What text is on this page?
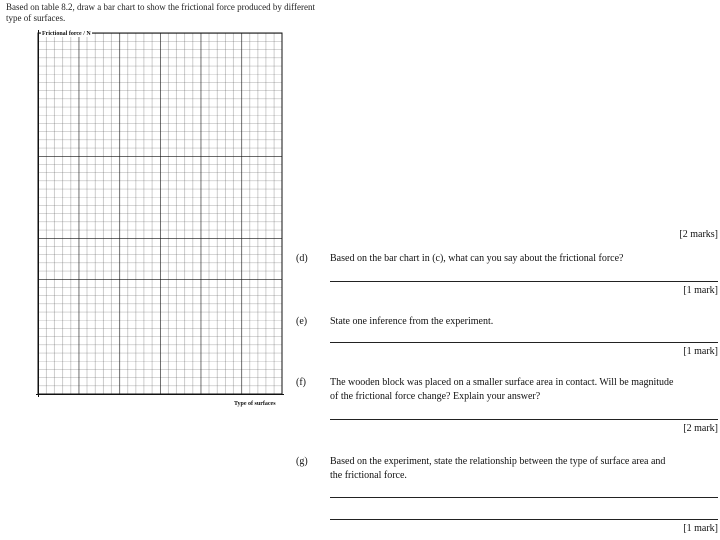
Based on table 8.2, draw a bar chart to show the frictional force produced by different
type of surfaces.
Frictional force / N
Type of surfaces
[2 marks]
(d) Based on the bar chart in (c), what can you say about the frictional force?
[1 mark]
(e) State one inference from the experiment.
[1 mark]
(f) The wooden block was placed on a smaller surface area in contact. Will be magnitude
of the frictional force change? Explain your answer?
[2 mark]
(g) Based on the experiment, state the relationship between the type of surface area and
the frictional force.
[1 mark]
